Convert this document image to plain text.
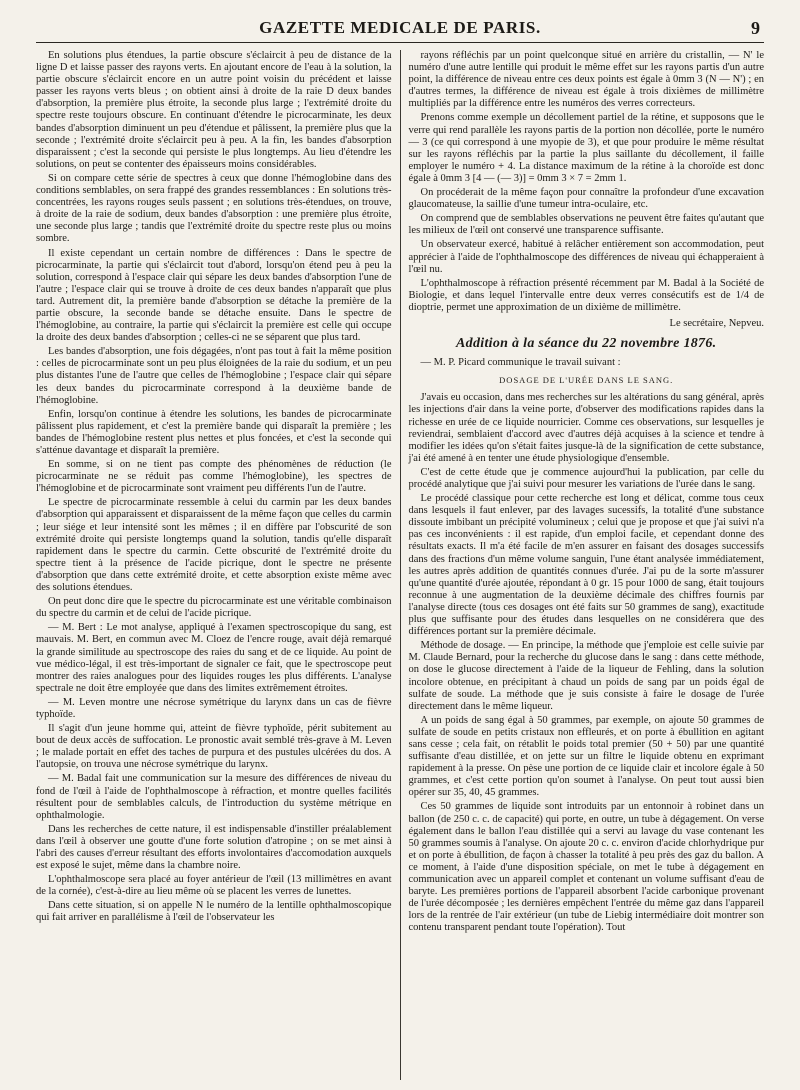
GAZETTE MEDICALE DE PARIS.	9

En solutions plus étendues, la partie obscure s'éclaircit à peu de distance de la ligne D et laisse passer des rayons verts. En ajoutant encore de l'eau à la solution, la partie obscure s'éclaircit encore en un autre point voisin du précédent et laisse passer les rayons verts bleus ; on obtient ainsi à droite de la raie D deux bandes d'absorption, la première plus étroite, la seconde plus large ; l'extrémité droite du spectre reste toujours obscure. En continuant d'étendre le picrocarminate, les deux bandes d'absorption diminuent un peu d'étendue et pâlissent, la première plus que la seconde ; l'extrémité droite s'éclaircit peu à peu. A la fin, les bandes d'absorption disparaissent ; c'est la seconde qui persiste le plus longtemps. Au lieu d'étendre les solutions, on peut se contenter des épaisseurs moins considérables.

Si on compare cette série de spectres à ceux que donne l'hémoglobine dans des conditions semblables, on sera frappé des grandes ressemblances : En solutions très-concentrées, les rayons rouges seuls passent ; en solutions très-étendues, on trouve, à droite de la raie de sodium, deux bandes d'absorption : une première plus étroite, une seconde plus large ; tandis que l'extrémité droite du spectre reste plus ou moins sombre.

Il existe cependant un certain nombre de différences : Dans le spectre de picrocarminate, la partie qui s'éclaircit tout d'abord, lorsqu'on étend peu à peu la solution, correspond à l'espace clair qui sépare les deux bandes d'absorption l'une de l'autre ; l'espace clair qui se trouve à droite de ces deux bandes n'apparaît que plus tard. Autrement dit, la première bande d'absorption se détache la première de la partie obscure, la seconde bande se détache ensuite. Dans le spectre de l'hémoglobine, au contraire, la partie qui s'éclaircit la première est celle qui occupe la droite des deux bandes d'absorption ; celles-ci ne se séparent que plus tard.

Les bandes d'absorption, une fois dégagées, n'ont pas tout à fait la même position : celles de picrocarminate sont un peu plus éloignées de la raie du sodium, et un peu plus distantes l'une de l'autre que celles de l'hémoglobine ; l'espace clair qui sépare les deux bandes du picrocarminate correspond à la deuxième bande de l'hémoglobine.

Enfin, lorsqu'on continue à étendre les solutions, les bandes de picrocarminate pâlissent plus rapidement, et c'est la première bande qui disparaît la première ; les bandes de l'hémoglobine restent plus nettes et plus foncées, et c'est la seconde qui s'atténue davantage et disparaît la première.

En somme, si on ne tient pas compte des phénomènes de réduction (le picrocarminate ne se réduit pas comme l'hémoglobine), les spectres de l'hémoglobine et de picrocarminate sont vraiment peu différents l'un de l'autre.

Le spectre de picrocarminate ressemble à celui du carmin par les deux bandes d'absorption qui apparaissent et disparaissent de la même façon que celles du carmin ; leur siége et leur intensité sont les mêmes ; il en diffère par l'obscurité de son extrémité droite qui persiste longtemps quand la solution, tandis qu'elle disparaît rapidement dans le spectre du carmin. Cette obscurité de l'extrémité droite du spectre tient à la présence de l'acide picrique, dont le spectre ne présente d'absorption que dans cette extrémité droite, et cette absorption existe même avec des solutions étendues.

On peut donc dire que le spectre du picrocarminate est une véritable combinaison du spectre du carmin et de celui de l'acide picrique.

— M. Bert : Le mot analyse, appliqué à l'examen spectroscopique du sang, est mauvais. M. Bert, en commun avec M. Cloez de l'encre rouge, avait déjà remarqué la grande similitude au spectroscope des raies du sang et de ce liquide. Au point de vue médico-légal, il est très-important de signaler ce fait, que le spectroscope peut montrer des raies analogues pour des liquides rouges les plus différents. L'analyse spectrale ne doit être employée que dans des limites extrêmement étroites.

— M. Leven montre une nécrose symétrique du larynx dans un cas de fièvre typhoïde.

Il s'agit d'un jeune homme qui, atteint de fièvre typhoïde, périt subitement au bout de deux accès de suffocation. Le pronostic avait semblé très-grave à M. Leven ; le malade portait en effet des taches de purpura et des pustules ulcérées du dos. A l'autopsie, on trouva une nécrose symétrique du larynx.

— M. Badal fait une communication sur la mesure des différences de niveau du fond de l'œil à l'aide de l'ophthalmoscope à réfraction, et montre quelles facilités résultent pour de semblables calculs, de l'introduction du système métrique en ophthalmologie.

Dans les recherches de cette nature, il est indispensable d'instiller préalablement dans l'œil à observer une goutte d'une forte solution d'atropine ; on se met ainsi à l'abri des causes d'erreur résultant des efforts involontaires d'accomodation auxquels est exposé le sujet, même dans la chambre noire.

L'ophthalmoscope sera placé au foyer antérieur de l'œil (13 millimètres en avant de la cornée), c'est-à-dire au lieu même où se placent les verres de lunettes.

Dans cette situation, si on appelle N le numéro de la lentille ophthalmoscopique qui fait arriver en parallélisme à l'œil de l'observateur les

rayons réfléchis par un point quelconque situé en arrière du cristallin, — N' le numéro d'une autre lentille qui produit le même effet sur les rayons partis d'un autre point, la différence de niveau entre ces deux points est égale à 0mm 3 (N — N') ; en d'autres termes, la différence de niveau est égale à trois dixièmes de millimètre multipliés par la différence entre les numéros des verres correcteurs.

Prenons comme exemple un décollement partiel de la rétine, et supposons que le verre qui rend parallèle les rayons partis de la portion non décollée, porte le numéro — 3 (ce qui correspond à une myopie de 3), et que pour produire le même résultat sur les rayons réfléchis par la partie la plus saillante du décollement, il faille employer le numéro + 4. La distance maximum de la rétine à la choroïde est donc égale à 0mm 3 [4 — (— 3)] = 0mm 3 × 7 = 2mm 1.

On procéderait de la même façon pour connaître la profondeur d'une excavation glaucomateuse, la saillie d'une tumeur intra-oculaire, etc.

On comprend que de semblables observations ne peuvent être faites qu'autant que les milieux de l'œil ont conservé une transparence suffisante.

Un observateur exercé, habitué à relâcher entièrement son accommodation, peut apprécier à l'aide de l'ophthalmoscope des différences de niveau qui échapperaient à l'œil nu.

L'ophthalmoscope à réfraction présenté récemment par M. Badal à la Société de Biologie, et dans lequel l'intervalle entre deux verres consécutifs est de 1/4 de dioptrie, permet une approximation de un dixième de millimètre.

Le secrétaire, Nepveu.

Addition à la séance du 22 novembre 1876.

— M. P. Picard communique le travail suivant :

DOSAGE DE L'URÉE DANS LE SANG.

J'avais eu occasion, dans mes recherches sur les altérations du sang général, après les injections d'air dans la veine porte, d'observer des modifications rapides dans la richesse en urée de ce liquide nourricier. Comme ces observations, sur lesquelles je reviendrai, semblaient d'accord avec d'autres déjà acquises à la science et tendre à modifier les idées qu'on s'était faites jusque-là de la signification de cette substance, j'ai été amené à en tenter une étude physiologique d'ensemble.

C'est de cette étude que je commence aujourd'hui la publication, par celle du procédé analytique que j'ai suivi pour mesurer les variations de l'urée dans le sang.

Le procédé classique pour cette recherche est long et délicat, comme tous ceux dans lesquels il faut enlever, par des lavages sucessifs, la totalité d'une substance dissoute imbibant un précipité volumineux ; celui que je propose et que j'ai suivi n'a pas ces inconvénients : il est rapide, d'un emploi facile, et cependant donne des résultats exacts. Il m'a été facile de m'en assurer en faisant des dosages successifs dans des fractions d'un même volume sanguin, l'une étant analysée immédiatement, les autres après addition de quantités connues d'urée. J'ai pu de la sorte m'assurer qu'une quantité d'urée ajoutée, répondant à 0 gr. 15 pour 1000 de sang, était toujours reconnue à une augmentation de la deuxième décimale des chiffres fournis par l'analyse directe (tous ces dosages ont été faits sur 50 grammes de sang), exactitude plus que suffisante pour des études dans lesquelles on ne considérera que des différences portant sur la première décimale.

Méthode de dosage. — En principe, la méthode que j'emploie est celle suivie par M. Claude Bernard, pour la recherche du glucose dans le sang : dans cette méthode, on dose le glucose directement à l'aide de la liqueur de Fehling, dans la solution incolore obtenue, en précipitant à chaud un poids de sang par un poids égal de sulfate de soude. La méthode que je suis consiste à faire le dosage de l'urée directement dans le même liqueur.

A un poids de sang égal à 50 grammes, par exemple, on ajoute 50 grammes de sulfate de soude en petits cristaux non effleurés, et on porte à ébullition en agitant sans cesse ; cela fait, on rétablit le poids total premier (50 + 50) par une quantité suffisante d'eau distillée, et on jette sur un filtre le liquide obtenu en exprimant rapidement à la presse. On pèse une portion de ce liquide clair et incolore égale à 50 grammes, et c'est cette portion qu'on soumet à l'analyse. On peut tout aussi bien opérer sur 35, 40, 45 grammes.

Ces 50 grammes de liquide sont introduits par un entonnoir à robinet dans un ballon (de 250 c. c. de capacité) qui porte, en outre, un tube à dégagement. On verse également dans le ballon l'eau distillée qui a servi au lavage du vase contenant les 50 grammes soumis à l'analyse. On ajoute 20 c. c. environ d'acide chlorhydrique pur et on porte à ébullition, de façon à chasser la totalité à peu près des gaz du ballon. A ce moment, à l'aide d'une disposition spéciale, on met le tube à dégagement en communication avec un appareil complet et contenant un volume suffisant d'eau de baryte. Les premières portions de l'appareil absorbent l'acide carbonique provenant de l'urée décomposée ; les dernières empêchent l'entrée du même gaz dans l'appareil lors de la rentrée de l'air extérieur (un tube de Liebig intermédiaire doit montrer son contenu transparent pendant toute l'opération). Tout
